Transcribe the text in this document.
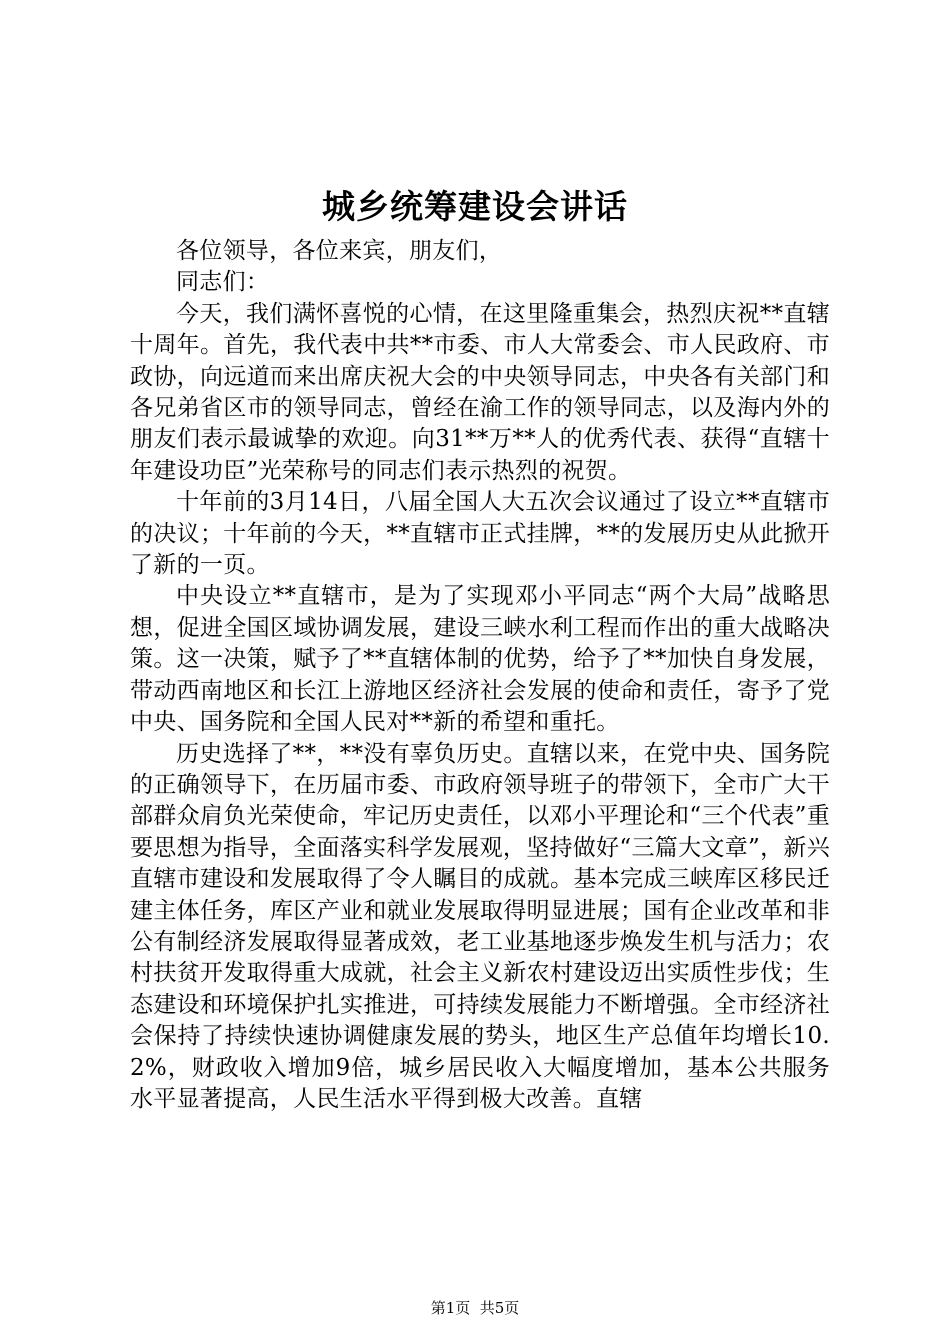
城乡统筹建设会讲话

各位领导，各位来宾，朋友们，

同志们：

今天，我们满怀喜悦的心情，在这里隆重集会，热烈庆祝**直辖十周年。首先，我代表中共**市委、市人大常委会、市人民政府、市政协，向远道而来出席庆祝大会的中央领导同志，中央各有关部门和各兄弟省区市的领导同志，曾经在渝工作的领导同志，以及海内外的朋友们表示最诚挚的欢迎。向31**万**人的优秀代表、获得“直辖十年建设功臣”光荣称号的同志们表示热烈的祝贺。

十年前的3月14日，八届全国人大五次会议通过了设立**直辖市的决议；十年前的今天，**直辖市正式挂牌，**的发展历史从此掀开了新的一页。

中央设立**直辖市，是为了实现邓小平同志“两个大局”战略思想，促进全国区域协调发展，建设三峡水利工程而作出的重大战略决策。这一决策，赋予了**直辖体制的优势，给予了**加快自身发展，带动西南地区和长江上游地区经济社会发展的使命和责任，寄予了党中央、国务院和全国人民对**新的希望和重托。

历史选择了**，**没有辜负历史。直辖以来，在党中央、国务院的正确领导下，在历届市委、市政府领导班子的带领下，全市广大干部群众肩负光荣使命，牢记历史责任，以邓小平理论和“三个代表”重要思想为指导，全面落实科学发展观，坚持做好“三篇大文章”，新兴直辖市建设和发展取得了令人瞩目的成就。基本完成三峡库区移民迁建主体任务，库区产业和就业发展取得明显进展；国有企业改革和非公有制经济发展取得显著成效，老工业基地逐步焕发生机与活力；农村扶贫开发取得重大成就，社会主义新农村建设迈出实质性步伐；生态建设和环境保护扎实推进，可持续发展能力不断增强。全市经济社会保持了持续快速协调健康发展的势头，地区生产总值年均增长10.2%，财政收入增加9倍，城乡居民收入大幅度增加，基本公共服务水平显著提高，人民生活水平得到极大改善。直辖

第1页  共5页
